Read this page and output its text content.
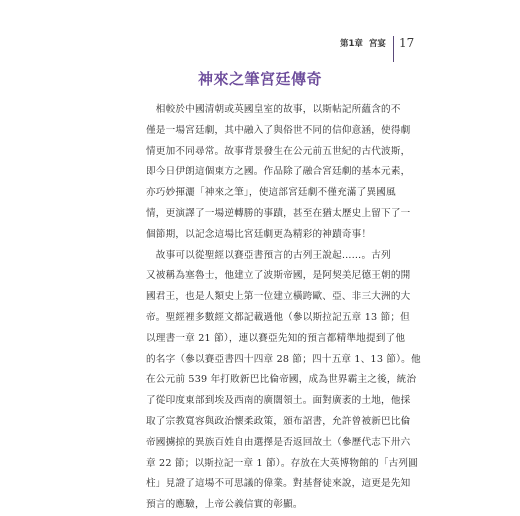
第1章 宮宴 17
神來之筆宮廷傳奇

　相較於中國清朝或英國皇室的故事，以斯帖記所蘊含的不
僅是一場宮廷劇，其中融入了與俗世不同的信仰意涵，使得劇
情更加不同尋常。故事背景發生在公元前五世紀的古代波斯，
即今日伊朗這個東方之國。作品除了融合宮廷劇的基本元素，
亦巧妙揮灑「神來之筆」，使這部宮廷劇不僅充滿了異國風
情，更演譯了一場逆轉勝的事蹟，甚至在猶太歷史上留下了一
個節期，以記念這場比宮廷劇更為精彩的神蹟奇事！

　故事可以從聖經以賽亞書預言的古列王說起……。古列
又被稱為塞魯士，他建立了波斯帝國，是阿契美尼德王朝的開
國君王，也是人類史上第一位建立橫跨歐、亞、非三大洲的大
帝。聖經裡多數經文都記載過他（參以斯拉記五章 13 節；但
以理書一章 21 節），連以賽亞先知的預言都精準地提到了他
的名字（參以賽亞書四十四章 28 節；四十五章 1、13 節）。他
在公元前 539 年打敗新巴比倫帝國，成為世界霸主之後，統治
了從印度東部到埃及西南的廣闊領土。面對廣袤的土地，他採
取了宗教寬容與政治懷柔政策，頒布詔書，允許曾被新巴比倫
帝國擄掠的異族百姓自由選擇是否返回故土（參歷代志下卅六
章 22 節；以斯拉記一章 1 節）。存放在大英博物館的「古列圓
柱」見證了這場不可思議的偉業。對基督徒來說，這更是先知
預言的應驗，上帝公義信實的彰顯。
